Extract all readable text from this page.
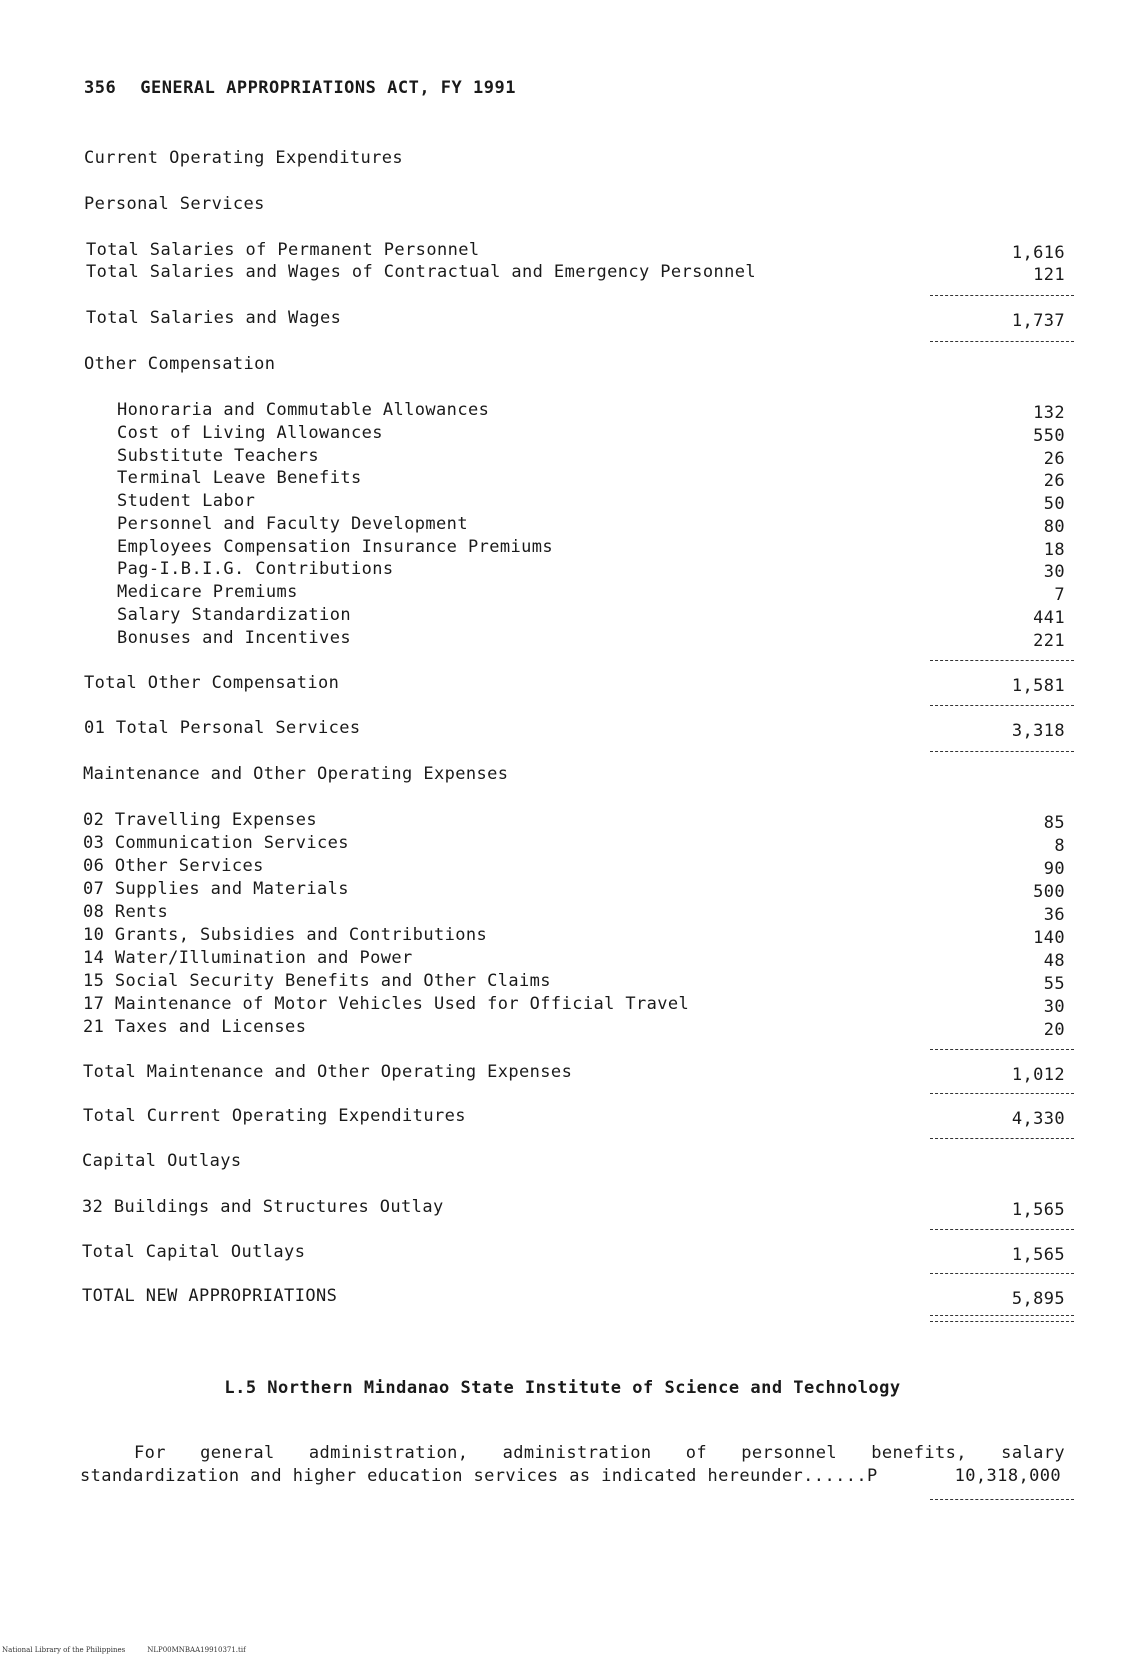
356 GENERAL APPROPRIATIONS ACT, FY 1991
Current Operating Expenditures
Personal Services
Total Salaries of Permanent Personnel	1,616
Total Salaries and Wages of Contractual and Emergency Personnel	121
Total Salaries and Wages	1,737
Other Compensation
Honoraria and Commutable Allowances	132
Cost of Living Allowances	550
Substitute Teachers	26
Terminal Leave Benefits	26
Student Labor	50
Personnel and Faculty Development	80
Employees Compensation Insurance Premiums	18
Pag-I.B.I.G. Contributions	30
Medicare Premiums	7
Salary Standardization	441
Bonuses and Incentives	221
Total Other Compensation	1,581
01 Total Personal Services	3,318
Maintenance and Other Operating Expenses
02 Travelling Expenses	85
03 Communication Services	8
06 Other Services	90
07 Supplies and Materials	500
08 Rents	36
10 Grants, Subsidies and Contributions	140
14 Water/Illumination and Power	48
15 Social Security Benefits and Other Claims	55
17 Maintenance of Motor Vehicles Used for Official Travel	30
21 Taxes and Licenses	20
Total Maintenance and Other Operating Expenses	1,012
Total Current Operating Expenditures	4,330
Capital Outlays
32 Buildings and Structures Outlay	1,565
Total Capital Outlays	1,565
TOTAL NEW APPROPRIATIONS	5,895
L.5 Northern Mindanao State Institute of Science and Technology
For general administration, administration of personnel benefits, salary
standardization and higher education services as indicated hereunder......P	10,318,000
National Library of the Philippines	NLP00MNBAA19910371.tif
